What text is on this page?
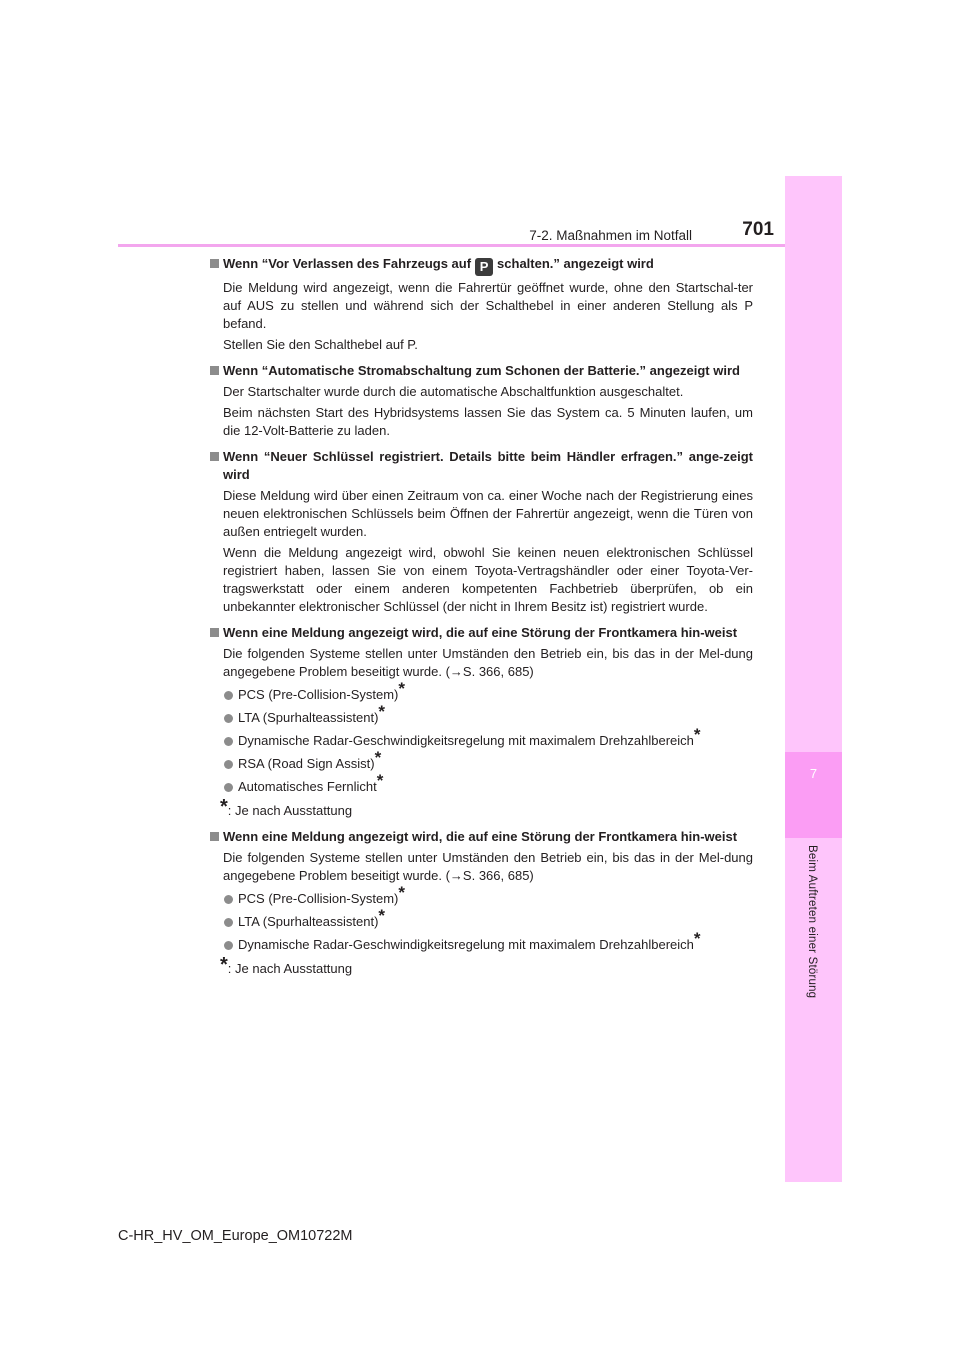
7-2. Maßnahmen im Notfall	701
7
Beim Auftreten einer Störung
Wenn “Vor Verlassen des Fahrzeugs auf P schalten.” angezeigt wird
Die Meldung wird angezeigt, wenn die Fahrertür geöffnet wurde, ohne den Startschal-ter auf AUS zu stellen und während sich der Schalthebel in einer anderen Stellung als P befand.
Stellen Sie den Schalthebel auf P.
Wenn “Automatische Stromabschaltung zum Schonen der Batterie.” angezeigt wird
Der Startschalter wurde durch die automatische Abschaltfunktion ausgeschaltet.
Beim nächsten Start des Hybridsystems lassen Sie das System ca. 5 Minuten laufen, um die 12-Volt-Batterie zu laden.
Wenn “Neuer Schlüssel registriert. Details bitte beim Händler erfragen.” ange-zeigt wird
Diese Meldung wird über einen Zeitraum von ca. einer Woche nach der Registrierung eines neuen elektronischen Schlüssels beim Öffnen der Fahrertür angezeigt, wenn die Türen von außen entriegelt wurden.
Wenn die Meldung angezeigt wird, obwohl Sie keinen neuen elektronischen Schlüssel registriert haben, lassen Sie von einem Toyota-Vertragshändler oder einer Toyota-Ver-tragswerkstatt oder einem anderen kompetenten Fachbetrieb überprüfen, ob ein unbekannter elektronischer Schlüssel (der nicht in Ihrem Besitz ist) registriert wurde.
Wenn eine Meldung angezeigt wird, die auf eine Störung der Frontkamera hin-weist
Die folgenden Systeme stellen unter Umständen den Betrieb ein, bis das in der Mel-dung angegebene Problem beseitigt wurde. (→S. 366, 685)
PCS (Pre-Collision-System)*
LTA (Spurhalteassistent)*
Dynamische Radar-Geschwindigkeitsregelung mit maximalem Drehzahlbereich*
RSA (Road Sign Assist)*
Automatisches Fernlicht*
*: Je nach Ausstattung
Wenn eine Meldung angezeigt wird, die auf eine Störung der Frontkamera hin-weist
Die folgenden Systeme stellen unter Umständen den Betrieb ein, bis das in der Mel-dung angegebene Problem beseitigt wurde. (→S. 366, 685)
PCS (Pre-Collision-System)*
LTA (Spurhalteassistent)*
Dynamische Radar-Geschwindigkeitsregelung mit maximalem Drehzahlbereich*
*: Je nach Ausstattung
C-HR_HV_OM_Europe_OM10722M
